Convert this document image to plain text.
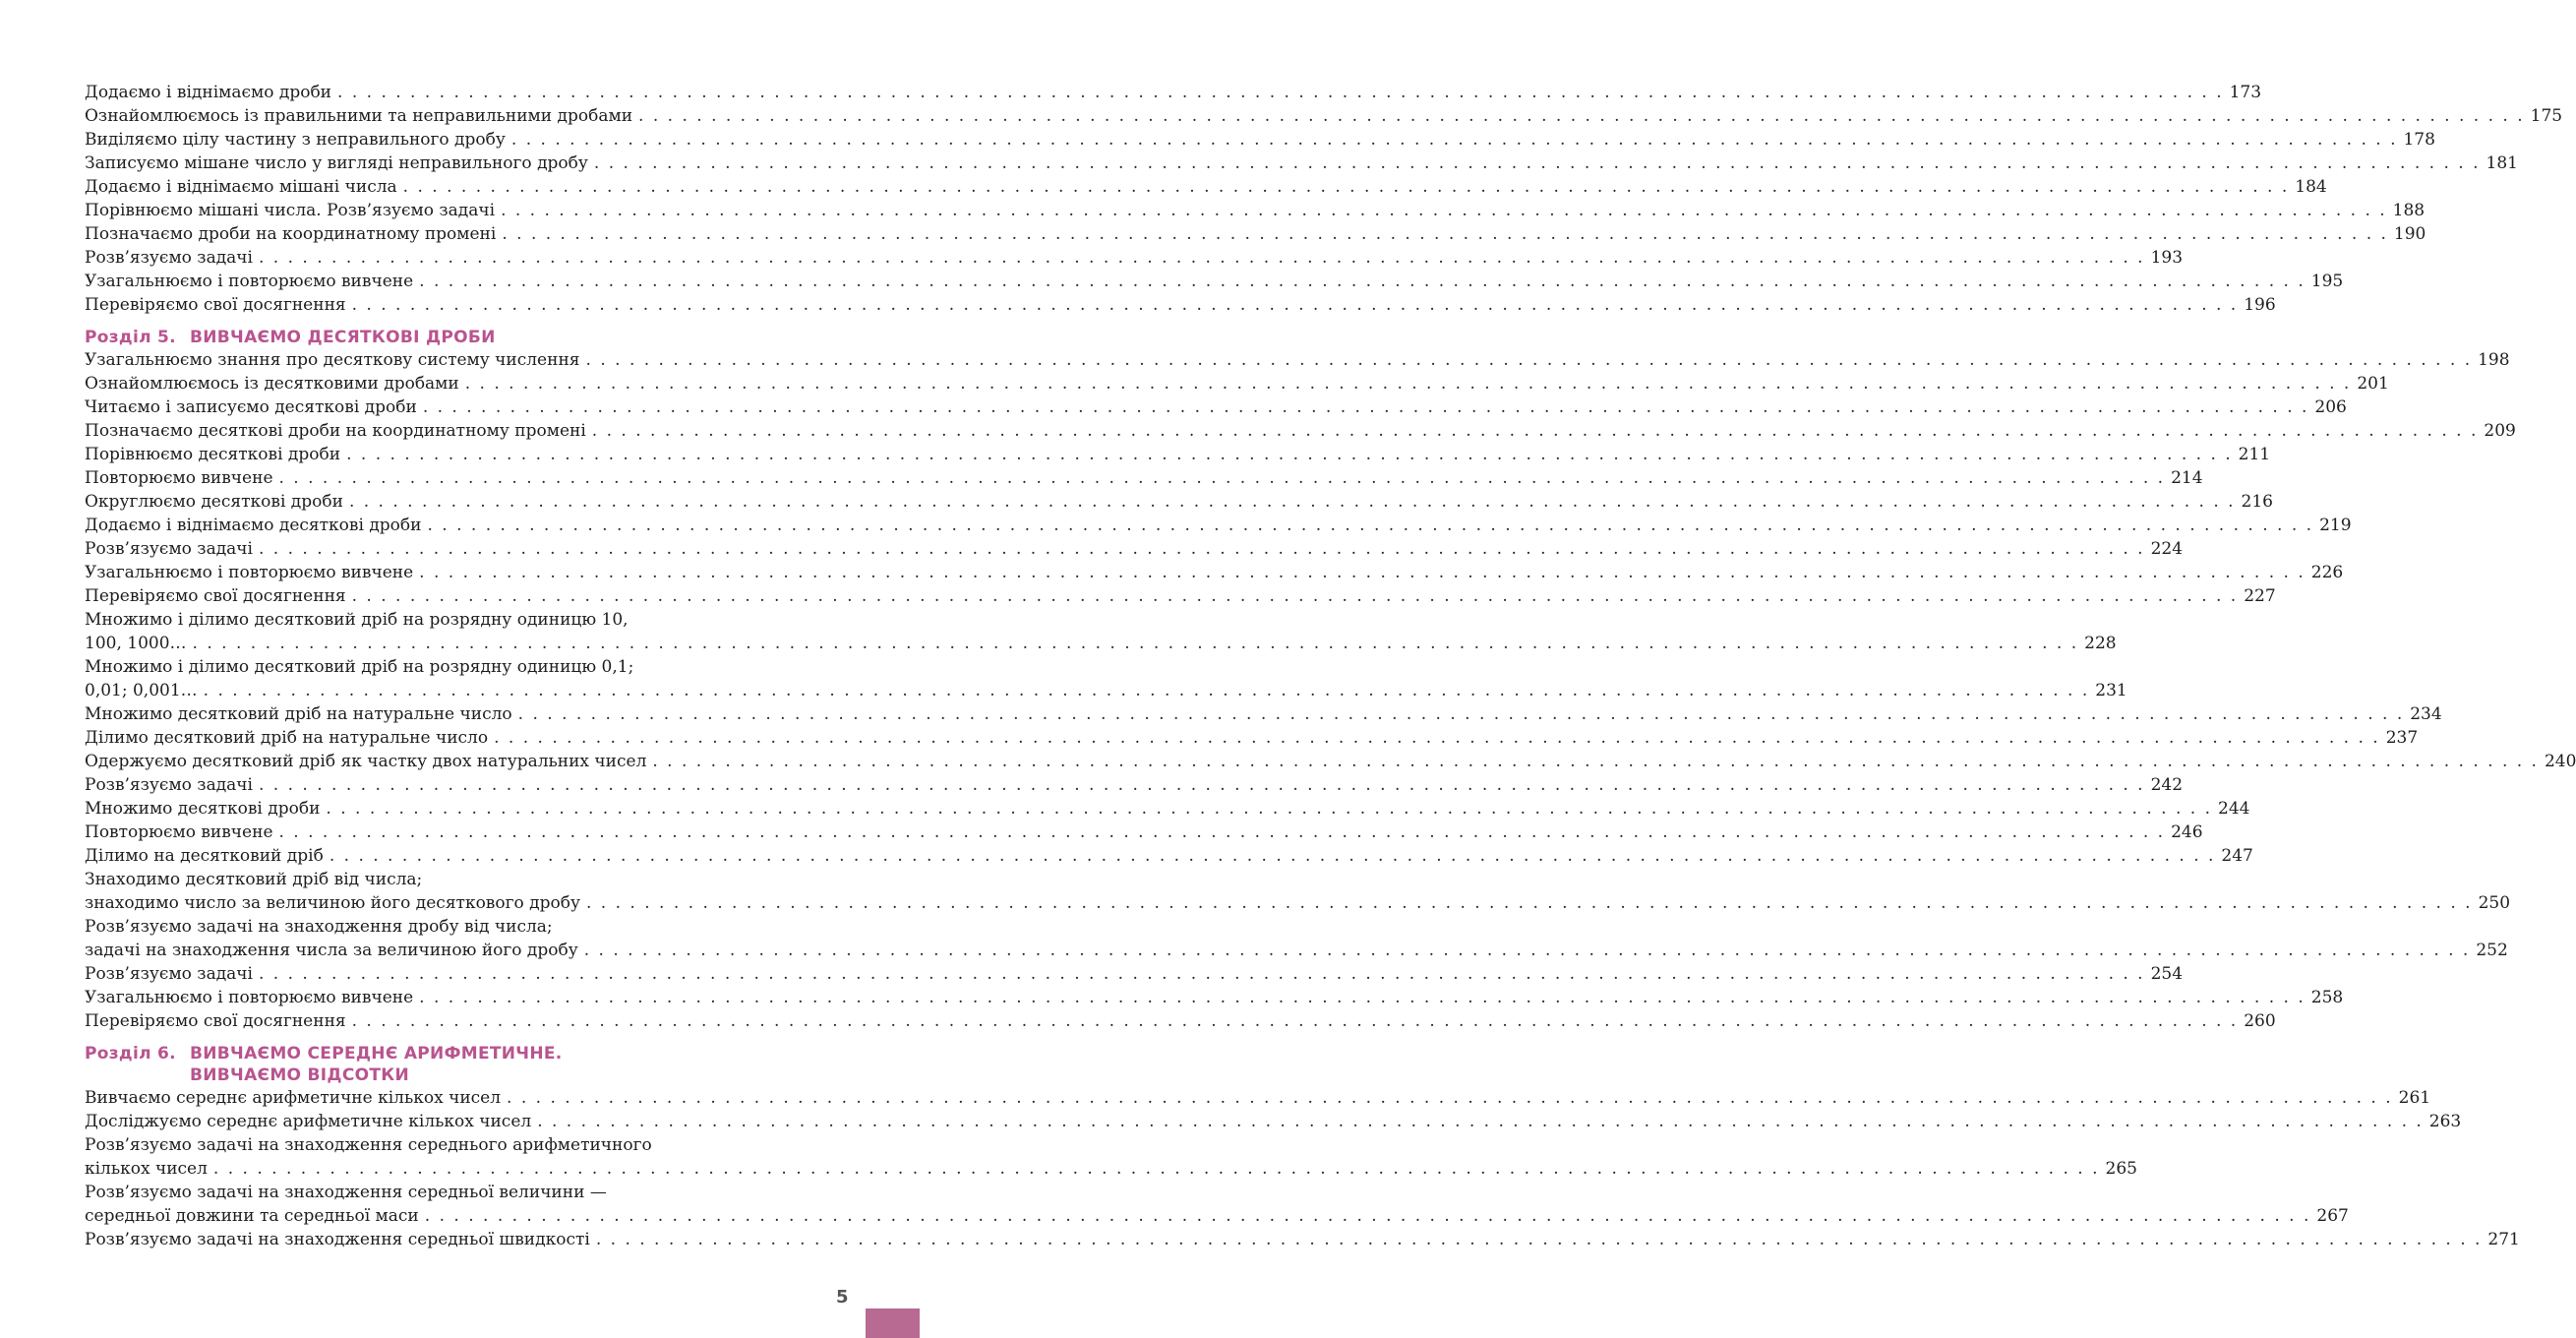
Додаємо і віднімаємо дроби . . . . . . . . . . . . . . . . . . . . . . . . . . . . . . . . . . . . . . . . . . . . . . . . . . . . . . . . . . . . . . . . . . . . . . . . . . . . . . . . . . . . . . . . . . . . . . . . . . . . . . . . . . . . . . . . . . . . . . . . . . . . . . . . . . 173
Ознайомлюємось із правильними та неправильними дробами . . . . . . . . . . . . . . . . . . . . . . . . . . . . . . . . . . . . . . . . . . . . . . . . . . . . . . . . . . . . . . . . . . . . . . . . . . . . . . . . . . . . . . . . . . . . . . . . . . . . . . . . . . . . . . . . . . . . . . . . . . . . . . . . . . 175
Виділяємо цілу частину з неправильного дробу . . . . . . . . . . . . . . . . . . . . . . . . . . . . . . . . . . . . . . . . . . . . . . . . . . . . . . . . . . . . . . . . . . . . . . . . . . . . . . . . . . . . . . . . . . . . . . . . . . . . . . . . . . . . . . . . . . . . . . . . . . . . . . . . . . 178
Записуємо мішане число у вигляді неправильного дробу . . . . . . . . . . . . . . . . . . . . . . . . . . . . . . . . . . . . . . . . . . . . . . . . . . . . . . . . . . . . . . . . . . . . . . . . . . . . . . . . . . . . . . . . . . . . . . . . . . . . . . . . . . . . . . . . . . . . . . . . . . . . . . . . . . 181
Додаємо і віднімаємо мішані числа . . . . . . . . . . . . . . . . . . . . . . . . . . . . . . . . . . . . . . . . . . . . . . . . . . . . . . . . . . . . . . . . . . . . . . . . . . . . . . . . . . . . . . . . . . . . . . . . . . . . . . . . . . . . . . . . . . . . . . . . . . . . . . . . . . 184
Порівнюємо мішані числа. Розв’язуємо задачі . . . . . . . . . . . . . . . . . . . . . . . . . . . . . . . . . . . . . . . . . . . . . . . . . . . . . . . . . . . . . . . . . . . . . . . . . . . . . . . . . . . . . . . . . . . . . . . . . . . . . . . . . . . . . . . . . . . . . . . . . . . . . . . . . . 188
Позначаємо дроби на координатному промені . . . . . . . . . . . . . . . . . . . . . . . . . . . . . . . . . . . . . . . . . . . . . . . . . . . . . . . . . . . . . . . . . . . . . . . . . . . . . . . . . . . . . . . . . . . . . . . . . . . . . . . . . . . . . . . . . . . . . . . . . . . . . . . . . . 190
Розв’язуємо задачі . . . . . . . . . . . . . . . . . . . . . . . . . . . . . . . . . . . . . . . . . . . . . . . . . . . . . . . . . . . . . . . . . . . . . . . . . . . . . . . . . . . . . . . . . . . . . . . . . . . . . . . . . . . . . . . . . . . . . . . . . . . . . . . . . . 193
Узагальнюємо і повторюємо вивчене . . . . . . . . . . . . . . . . . . . . . . . . . . . . . . . . . . . . . . . . . . . . . . . . . . . . . . . . . . . . . . . . . . . . . . . . . . . . . . . . . . . . . . . . . . . . . . . . . . . . . . . . . . . . . . . . . . . . . . . . . . . . . . . . . . 195
Перевіряємо свої досягнення . . . . . . . . . . . . . . . . . . . . . . . . . . . . . . . . . . . . . . . . . . . . . . . . . . . . . . . . . . . . . . . . . . . . . . . . . . . . . . . . . . . . . . . . . . . . . . . . . . . . . . . . . . . . . . . . . . . . . . . . . . . . . . . . . . 196
Розділ 5. ВИВЧАЄМО ДЕСЯТКОВІ ДРОБИ
Узагальнюємо знання про десяткову систему числення . . . . . . . . . . . . . . . . . . . . . . . . . . . . . . . . . . . . . . . . . . . . . . . . . . . . . . . . . . . . . . . . . . . . . . . . . . . . . . . . . . . . . . . . . . . . . . . . . . . . . . . . . . . . . . . . . . . . . . . . . . . . . . . . . . 198
Ознайомлюємось із десятковими дробами . . . . . . . . . . . . . . . . . . . . . . . . . . . . . . . . . . . . . . . . . . . . . . . . . . . . . . . . . . . . . . . . . . . . . . . . . . . . . . . . . . . . . . . . . . . . . . . . . . . . . . . . . . . . . . . . . . . . . . . . . . . . . . . . . . 201
Читаємо і записуємо десяткові дроби . . . . . . . . . . . . . . . . . . . . . . . . . . . . . . . . . . . . . . . . . . . . . . . . . . . . . . . . . . . . . . . . . . . . . . . . . . . . . . . . . . . . . . . . . . . . . . . . . . . . . . . . . . . . . . . . . . . . . . . . . . . . . . . . . . 206
Позначаємо десяткові дроби на координатному промені . . . . . . . . . . . . . . . . . . . . . . . . . . . . . . . . . . . . . . . . . . . . . . . . . . . . . . . . . . . . . . . . . . . . . . . . . . . . . . . . . . . . . . . . . . . . . . . . . . . . . . . . . . . . . . . . . . . . . . . . . . . . . . . . . . 209
Порівнюємо десяткові дроби . . . . . . . . . . . . . . . . . . . . . . . . . . . . . . . . . . . . . . . . . . . . . . . . . . . . . . . . . . . . . . . . . . . . . . . . . . . . . . . . . . . . . . . . . . . . . . . . . . . . . . . . . . . . . . . . . . . . . . . . . . . . . . . . . . 211
Повторюємо вивчене . . . . . . . . . . . . . . . . . . . . . . . . . . . . . . . . . . . . . . . . . . . . . . . . . . . . . . . . . . . . . . . . . . . . . . . . . . . . . . . . . . . . . . . . . . . . . . . . . . . . . . . . . . . . . . . . . . . . . . . . . . . . . . . . . . 214
Округлюємо десяткові дроби . . . . . . . . . . . . . . . . . . . . . . . . . . . . . . . . . . . . . . . . . . . . . . . . . . . . . . . . . . . . . . . . . . . . . . . . . . . . . . . . . . . . . . . . . . . . . . . . . . . . . . . . . . . . . . . . . . . . . . . . . . . . . . . . . . 216
Додаємо і віднімаємо десяткові дроби . . . . . . . . . . . . . . . . . . . . . . . . . . . . . . . . . . . . . . . . . . . . . . . . . . . . . . . . . . . . . . . . . . . . . . . . . . . . . . . . . . . . . . . . . . . . . . . . . . . . . . . . . . . . . . . . . . . . . . . . . . . . . . . . . . 219
Розв’язуємо задачі . . . . . . . . . . . . . . . . . . . . . . . . . . . . . . . . . . . . . . . . . . . . . . . . . . . . . . . . . . . . . . . . . . . . . . . . . . . . . . . . . . . . . . . . . . . . . . . . . . . . . . . . . . . . . . . . . . . . . . . . . . . . . . . . . . 224
Узагальнюємо і повторюємо вивчене . . . . . . . . . . . . . . . . . . . . . . . . . . . . . . . . . . . . . . . . . . . . . . . . . . . . . . . . . . . . . . . . . . . . . . . . . . . . . . . . . . . . . . . . . . . . . . . . . . . . . . . . . . . . . . . . . . . . . . . . . . . . . . . . . . 226
Перевіряємо свої досягнення . . . . . . . . . . . . . . . . . . . . . . . . . . . . . . . . . . . . . . . . . . . . . . . . . . . . . . . . . . . . . . . . . . . . . . . . . . . . . . . . . . . . . . . . . . . . . . . . . . . . . . . . . . . . . . . . . . . . . . . . . . . . . . . . . . 227
Множимо і ділимо десятковий дріб на розрядну одиницю 10,
100, 1000… . . . . . . . . . . . . . . . . . . . . . . . . . . . . . . . . . . . . . . . . . . . . . . . . . . . . . . . . . . . . . . . . . . . . . . . . . . . . . . . . . . . . . . . . . . . . . . . . . . . . . . . . . . . . . . . . . . . . . . . . . . . . . . . . . . 228
Множимо і ділимо десятковий дріб на розрядну одиницю 0,1;
0,01; 0,001… . . . . . . . . . . . . . . . . . . . . . . . . . . . . . . . . . . . . . . . . . . . . . . . . . . . . . . . . . . . . . . . . . . . . . . . . . . . . . . . . . . . . . . . . . . . . . . . . . . . . . . . . . . . . . . . . . . . . . . . . . . . . . . . . . . 231
Множимо десятковий дріб на натуральне число . . . . . . . . . . . . . . . . . . . . . . . . . . . . . . . . . . . . . . . . . . . . . . . . . . . . . . . . . . . . . . . . . . . . . . . . . . . . . . . . . . . . . . . . . . . . . . . . . . . . . . . . . . . . . . . . . . . . . . . . . . . . . . . . . . 234
Ділимо десятковий дріб на натуральне число . . . . . . . . . . . . . . . . . . . . . . . . . . . . . . . . . . . . . . . . . . . . . . . . . . . . . . . . . . . . . . . . . . . . . . . . . . . . . . . . . . . . . . . . . . . . . . . . . . . . . . . . . . . . . . . . . . . . . . . . . . . . . . . . . . 237
Одержуємо десятковий дріб як частку двох натуральних чисел . . . . . . . . . . . . . . . . . . . . . . . . . . . . . . . . . . . . . . . . . . . . . . . . . . . . . . . . . . . . . . . . . . . . . . . . . . . . . . . . . . . . . . . . . . . . . . . . . . . . . . . . . . . . . . . . . . . . . . . . . . . . . . . . . . 240
Розв’язуємо задачі . . . . . . . . . . . . . . . . . . . . . . . . . . . . . . . . . . . . . . . . . . . . . . . . . . . . . . . . . . . . . . . . . . . . . . . . . . . . . . . . . . . . . . . . . . . . . . . . . . . . . . . . . . . . . . . . . . . . . . . . . . . . . . . . . . 242
Множимо десяткові дроби . . . . . . . . . . . . . . . . . . . . . . . . . . . . . . . . . . . . . . . . . . . . . . . . . . . . . . . . . . . . . . . . . . . . . . . . . . . . . . . . . . . . . . . . . . . . . . . . . . . . . . . . . . . . . . . . . . . . . . . . . . . . . . . . . . 244
Повторюємо вивчене . . . . . . . . . . . . . . . . . . . . . . . . . . . . . . . . . . . . . . . . . . . . . . . . . . . . . . . . . . . . . . . . . . . . . . . . . . . . . . . . . . . . . . . . . . . . . . . . . . . . . . . . . . . . . . . . . . . . . . . . . . . . . . . . . . 246
Ділимо на десятковий дріб . . . . . . . . . . . . . . . . . . . . . . . . . . . . . . . . . . . . . . . . . . . . . . . . . . . . . . . . . . . . . . . . . . . . . . . . . . . . . . . . . . . . . . . . . . . . . . . . . . . . . . . . . . . . . . . . . . . . . . . . . . . . . . . . . . 247
Знаходимо десятковий дріб від числа;
знаходимо число за величиною його десяткового дробу . . . . . . . . . . . . . . . . . . . . . . . . . . . . . . . . . . . . . . . . . . . . . . . . . . . . . . . . . . . . . . . . . . . . . . . . . . . . . . . . . . . . . . . . . . . . . . . . . . . . . . . . . . . . . . . . . . . . . . . . . . . . . . . . . . 250
Розв’язуємо задачі на знаходження дробу від числа;
задачі на знаходження числа за величиною його дробу . . . . . . . . . . . . . . . . . . . . . . . . . . . . . . . . . . . . . . . . . . . . . . . . . . . . . . . . . . . . . . . . . . . . . . . . . . . . . . . . . . . . . . . . . . . . . . . . . . . . . . . . . . . . . . . . . . . . . . . . . . . . . . . . . . 252
Розв’язуємо задачі . . . . . . . . . . . . . . . . . . . . . . . . . . . . . . . . . . . . . . . . . . . . . . . . . . . . . . . . . . . . . . . . . . . . . . . . . . . . . . . . . . . . . . . . . . . . . . . . . . . . . . . . . . . . . . . . . . . . . . . . . . . . . . . . . . 254
Узагальнюємо і повторюємо вивчене . . . . . . . . . . . . . . . . . . . . . . . . . . . . . . . . . . . . . . . . . . . . . . . . . . . . . . . . . . . . . . . . . . . . . . . . . . . . . . . . . . . . . . . . . . . . . . . . . . . . . . . . . . . . . . . . . . . . . . . . . . . . . . . . . . 258
Перевіряємо свої досягнення . . . . . . . . . . . . . . . . . . . . . . . . . . . . . . . . . . . . . . . . . . . . . . . . . . . . . . . . . . . . . . . . . . . . . . . . . . . . . . . . . . . . . . . . . . . . . . . . . . . . . . . . . . . . . . . . . . . . . . . . . . . . . . . . . . 260
Розділ 6. ВИВЧАЄМО СЕРЕДНЄ АРИФМЕТИЧНЕ.
ВИВЧАЄМО ВІДСОТКИ
Вивчаємо середнє арифметичне кількох чисел . . . . . . . . . . . . . . . . . . . . . . . . . . . . . . . . . . . . . . . . . . . . . . . . . . . . . . . . . . . . . . . . . . . . . . . . . . . . . . . . . . . . . . . . . . . . . . . . . . . . . . . . . . . . . . . . . . . . . . . . . . . . . . . . . . 261
Досліджуємо середнє арифметичне кількох чисел . . . . . . . . . . . . . . . . . . . . . . . . . . . . . . . . . . . . . . . . . . . . . . . . . . . . . . . . . . . . . . . . . . . . . . . . . . . . . . . . . . . . . . . . . . . . . . . . . . . . . . . . . . . . . . . . . . . . . . . . . . . . . . . . . . 263
Розв’язуємо задачі на знаходження середнього арифметичного
кількох чисел . . . . . . . . . . . . . . . . . . . . . . . . . . . . . . . . . . . . . . . . . . . . . . . . . . . . . . . . . . . . . . . . . . . . . . . . . . . . . . . . . . . . . . . . . . . . . . . . . . . . . . . . . . . . . . . . . . . . . . . . . . . . . . . . . . 265
Розв’язуємо задачі на знаходження середньої величини —
середньої довжини та середньої маси . . . . . . . . . . . . . . . . . . . . . . . . . . . . . . . . . . . . . . . . . . . . . . . . . . . . . . . . . . . . . . . . . . . . . . . . . . . . . . . . . . . . . . . . . . . . . . . . . . . . . . . . . . . . . . . . . . . . . . . . . . . . . . . . . . 267
Розв’язуємо задачі на знаходження середньої швидкості . . . . . . . . . . . . . . . . . . . . . . . . . . . . . . . . . . . . . . . . . . . . . . . . . . . . . . . . . . . . . . . . . . . . . . . . . . . . . . . . . . . . . . . . . . . . . . . . . . . . . . . . . . . . . . . . . . . . . . . . . . . . . . . . . . 271
5
